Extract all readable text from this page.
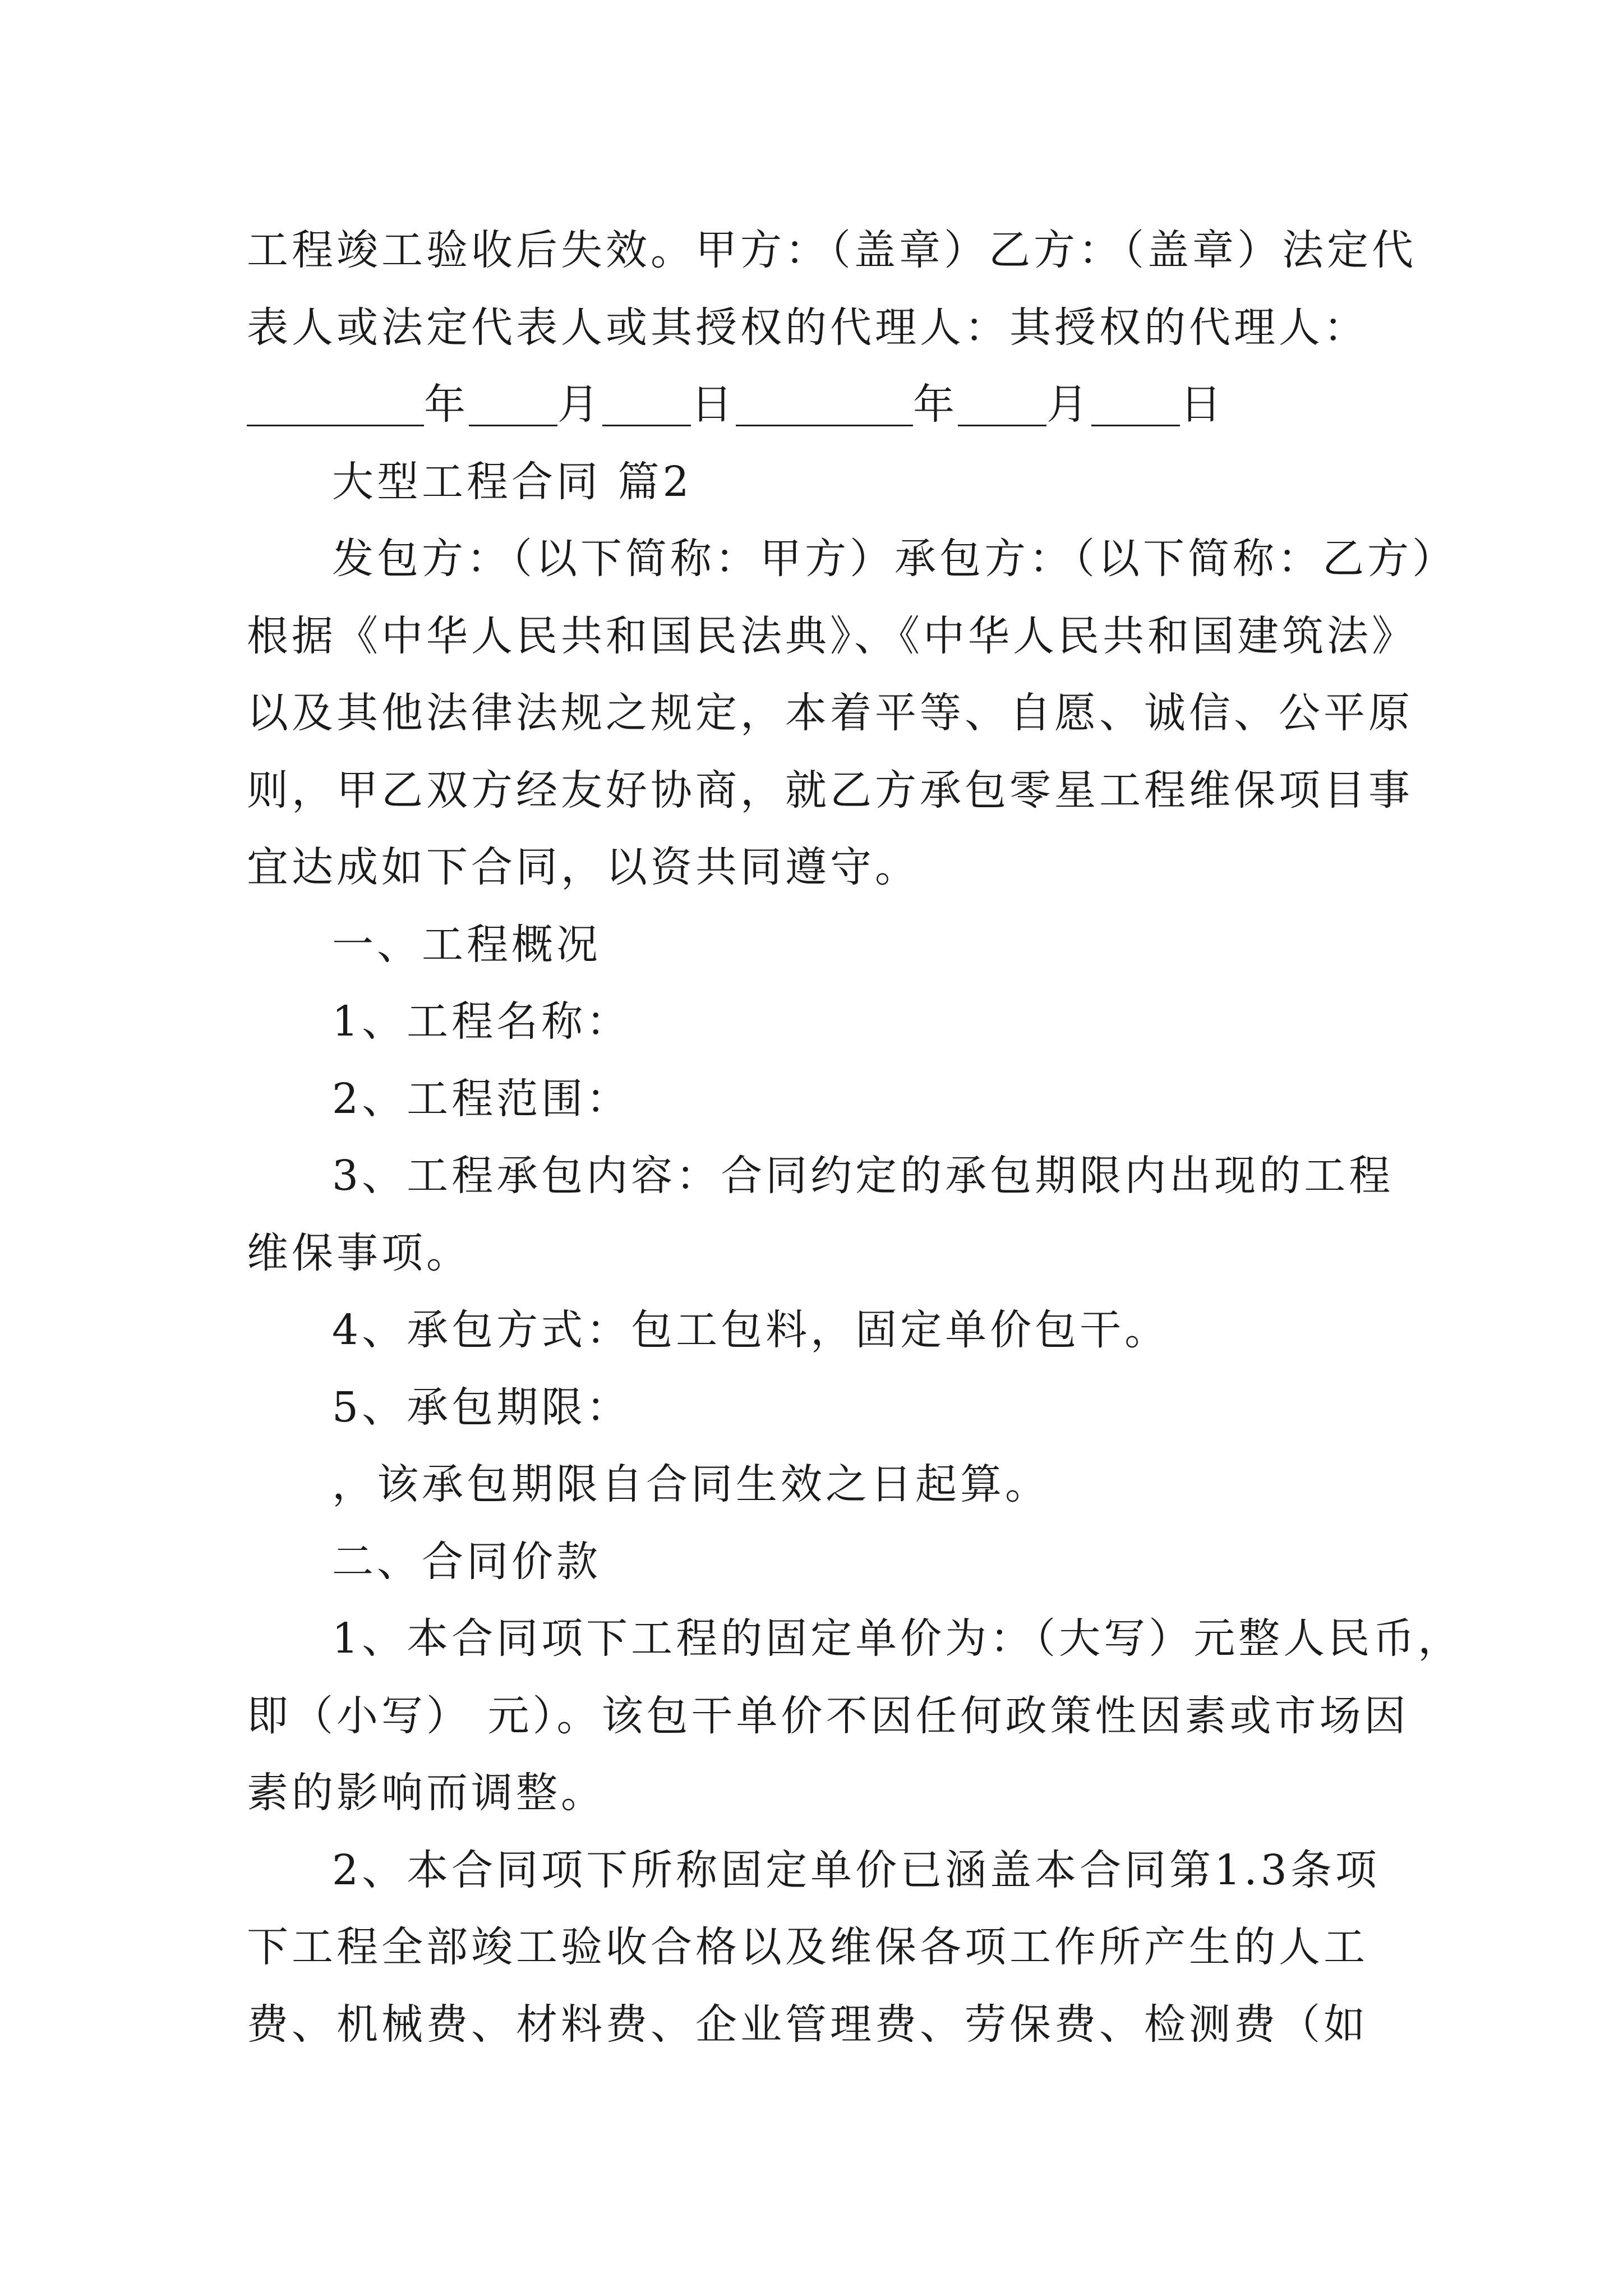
工程竣工验收后失效。甲方：（盖章）乙方：（盖章）法定代
表人或法定代表人或其授权的代理人：其授权的代理人：
年 月 日	年 月 日
大型工程合同 篇2
发包方：（以下简称：甲方）承包方：（以下简称：乙方）
根据《中华人民共和国民法典》、《中华人民共和国建筑法》
以及其他法律法规之规定，本着平等、自愿、诚信、公平原
则，甲乙双方经友好协商，就乙方承包零星工程维保项目事
宜达成如下合同，以资共同遵守。
一、工程概况
1、工程名称：
2、工程范围：
3、工程承包内容：合同约定的承包期限内出现的工程
维保事项。
4、承包方式：包工包料，固定单价包干。
5、承包期限：
，该承包期限自合同生效之日起算。
二、合同价款
1、本合同项下工程的固定单价为：（大写）元整人民币，
即（小写） 元）。该包干单价不因任何政策性因素或市场因
素的影响而调整。
2、本合同项下所称固定单价已涵盖本合同第1.3条项
下工程全部竣工验收合格以及维保各项工作所产生的人工
费、机械费、材料费、企业管理费、劳保费、检测费（如
